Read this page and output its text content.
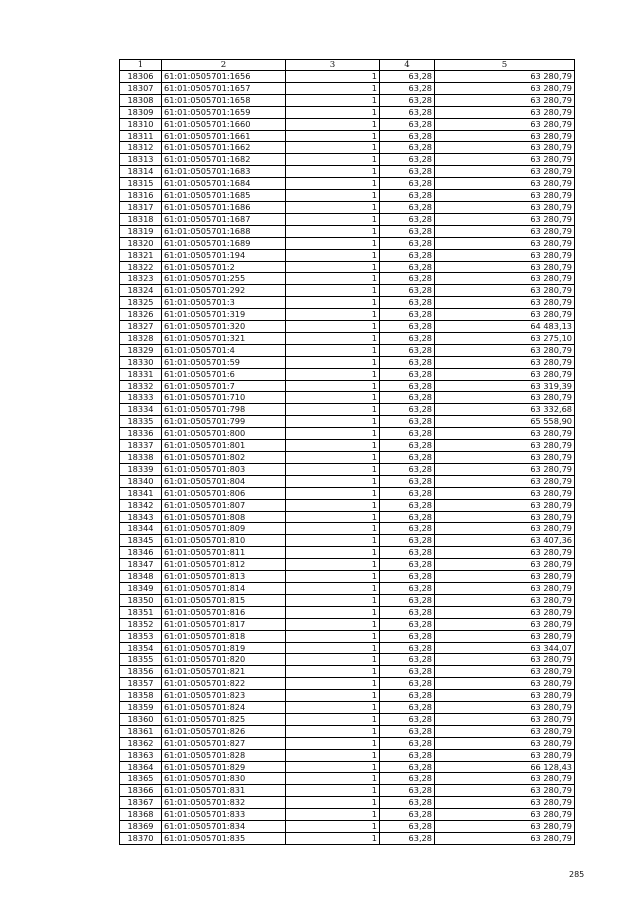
1	2	3	4	5
18306	61:01:0505701:1656	1	63,28	63 280,79
18307	61:01:0505701:1657	1	63,28	63 280,79
18308	61:01:0505701:1658	1	63,28	63 280,79
18309	61:01:0505701:1659	1	63,28	63 280,79
18310	61:01:0505701:1660	1	63,28	63 280,79
18311	61:01:0505701:1661	1	63,28	63 280,79
18312	61:01:0505701:1662	1	63,28	63 280,79
18313	61:01:0505701:1682	1	63,28	63 280,79
18314	61:01:0505701:1683	1	63,28	63 280,79
18315	61:01:0505701:1684	1	63,28	63 280,79
18316	61:01:0505701:1685	1	63,28	63 280,79
18317	61:01:0505701:1686	1	63,28	63 280,79
18318	61:01:0505701:1687	1	63,28	63 280,79
18319	61:01:0505701:1688	1	63,28	63 280,79
18320	61:01:0505701:1689	1	63,28	63 280,79
18321	61:01:0505701:194	1	63,28	63 280,79
18322	61:01:0505701:2	1	63,28	63 280,79
18323	61:01:0505701:255	1	63,28	63 280,79
18324	61:01:0505701:292	1	63,28	63 280,79
18325	61:01:0505701:3	1	63,28	63 280,79
18326	61:01:0505701:319	1	63,28	63 280,79
18327	61:01:0505701:320	1	63,28	64 483,13
18328	61:01:0505701:321	1	63,28	63 275,10
18329	61:01:0505701:4	1	63,28	63 280,79
18330	61:01:0505701:59	1	63,28	63 280,79
18331	61:01:0505701:6	1	63,28	63 280,79
18332	61:01:0505701:7	1	63,28	63 319,39
18333	61:01:0505701:710	1	63,28	63 280,79
18334	61:01:0505701:798	1	63,28	63 332,68
18335	61:01:0505701:799	1	63,28	65 558,90
18336	61:01:0505701:800	1	63,28	63 280,79
18337	61:01:0505701:801	1	63,28	63 280,79
18338	61:01:0505701:802	1	63,28	63 280,79
18339	61:01:0505701:803	1	63,28	63 280,79
18340	61:01:0505701:804	1	63,28	63 280,79
18341	61:01:0505701:806	1	63,28	63 280,79
18342	61:01:0505701:807	1	63,28	63 280,79
18343	61:01:0505701:808	1	63,28	63 280,79
18344	61:01:0505701:809	1	63,28	63 280,79
18345	61:01:0505701:810	1	63,28	63 407,36
18346	61:01:0505701:811	1	63,28	63 280,79
18347	61:01:0505701:812	1	63,28	63 280,79
18348	61:01:0505701:813	1	63,28	63 280,79
18349	61:01:0505701:814	1	63,28	63 280,79
18350	61:01:0505701:815	1	63,28	63 280,79
18351	61:01:0505701:816	1	63,28	63 280,79
18352	61:01:0505701:817	1	63,28	63 280,79
18353	61:01:0505701:818	1	63,28	63 280,79
18354	61:01:0505701:819	1	63,28	63 344,07
18355	61:01:0505701:820	1	63,28	63 280,79
18356	61:01:0505701:821	1	63,28	63 280,79
18357	61:01:0505701:822	1	63,28	63 280,79
18358	61:01:0505701:823	1	63,28	63 280,79
18359	61:01:0505701:824	1	63,28	63 280,79
18360	61:01:0505701:825	1	63,28	63 280,79
18361	61:01:0505701:826	1	63,28	63 280,79
18362	61:01:0505701:827	1	63,28	63 280,79
18363	61:01:0505701:828	1	63,28	63 280,79
18364	61:01:0505701:829	1	63,28	66 128,43
18365	61:01:0505701:830	1	63,28	63 280,79
18366	61:01:0505701:831	1	63,28	63 280,79
18367	61:01:0505701:832	1	63,28	63 280,79
18368	61:01:0505701:833	1	63,28	63 280,79
18369	61:01:0505701:834	1	63,28	63 280,79
18370	61:01:0505701:835	1	63,28	63 280,79
285
